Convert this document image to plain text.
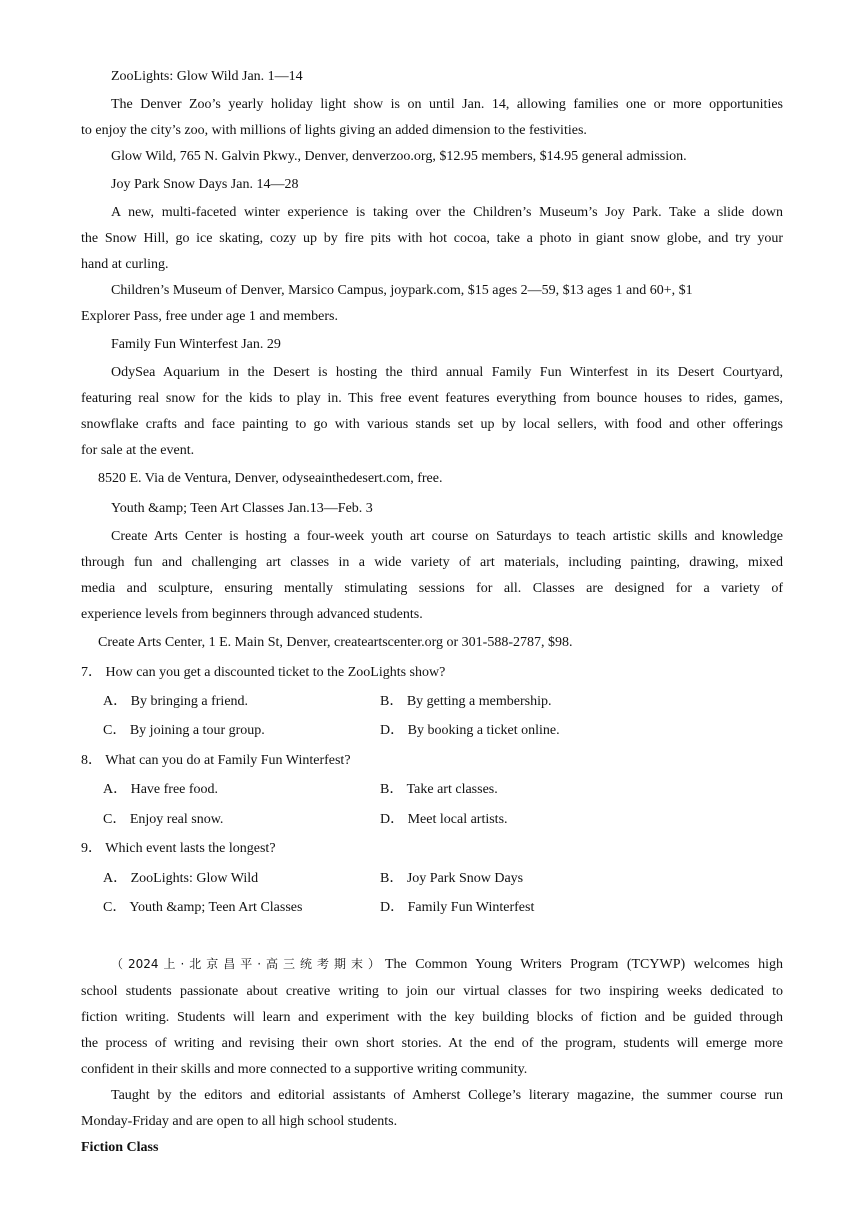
ZooLights: Glow Wild Jan. 1—14
The Denver Zoo’s yearly holiday light show is on until Jan. 14, allowing families one or more opportunities
to enjoy the city’s zoo, with millions of lights giving an added dimension to the festivities.
Glow Wild, 765 N. Galvin Pkwy., Denver, denverzoo.org, $12.95 members, $14.95 general admission.
Joy Park Snow Days Jan. 14—28
A new, multi-faceted winter experience is taking over the Children’s Museum’s Joy Park. Take a slide down
the Snow Hill, go ice skating, cozy up by fire pits with hot cocoa, take a photo in giant snow globe, and try your
hand at curling.
Children’s Museum of Denver, Marsico Campus, joypark.com, $15 ages 2—59, $13 ages 1 and 60+, $1
Explorer Pass, free under age 1 and members.
Family Fun Winterfest Jan. 29
OdySea Aquarium in the Desert is hosting the third annual Family Fun Winterfest in its Desert Courtyard,
featuring real snow for the kids to play in. This free event features everything from bounce houses to rides, games,
snowflake crafts and face painting to go with various stands set up by local sellers, with food and other offerings
for sale at the event.
8520 E. Via de Ventura, Denver, odyseainthedesert.com, free.
Youth &amp; Teen Art Classes Jan.13—Feb. 3
Create Arts Center is hosting a four-week youth art course on Saturdays to teach artistic skills and knowledge
through fun and challenging art classes in a wide variety of art materials, including painting, drawing, mixed
media and sculpture, ensuring mentally stimulating sessions for all. Classes are designed for a variety of
experience levels from beginners through advanced students.
Create Arts Center, 1 E. Main St, Denver, createartscenter.org or 301-588-2787, $98.
7． How can you get a discounted ticket to the ZooLights show?
A． By bringing a friend.	B． By getting a membership.
C． By joining a tour group.	D． By booking a ticket online.
8． What can you do at Family Fun Winterfest?
A． Have free food.	B． Take art classes.
C． Enjoy real snow.	D． Meet local artists.
9． Which event lasts the longest?
A． ZooLights: Glow Wild	B． Joy Park Snow Days
C． Youth &amp; Teen Art Classes	D． Family Fun Winterfest
（2024上·北京昌平·高三统考期末）The Common Young Writers Program (TCYWP) welcomes high
school students passionate about creative writing to join our virtual classes for two inspiring weeks dedicated to
fiction writing. Students will learn and experiment with the key building blocks of fiction and be guided through
the process of writing and revising their own short stories. At the end of the program, students will emerge more
confident in their skills and more connected to a supportive writing community.
Taught by the editors and editorial assistants of Amherst College’s literary magazine, the summer course run
Monday-Friday and are open to all high school students.
Fiction Class
